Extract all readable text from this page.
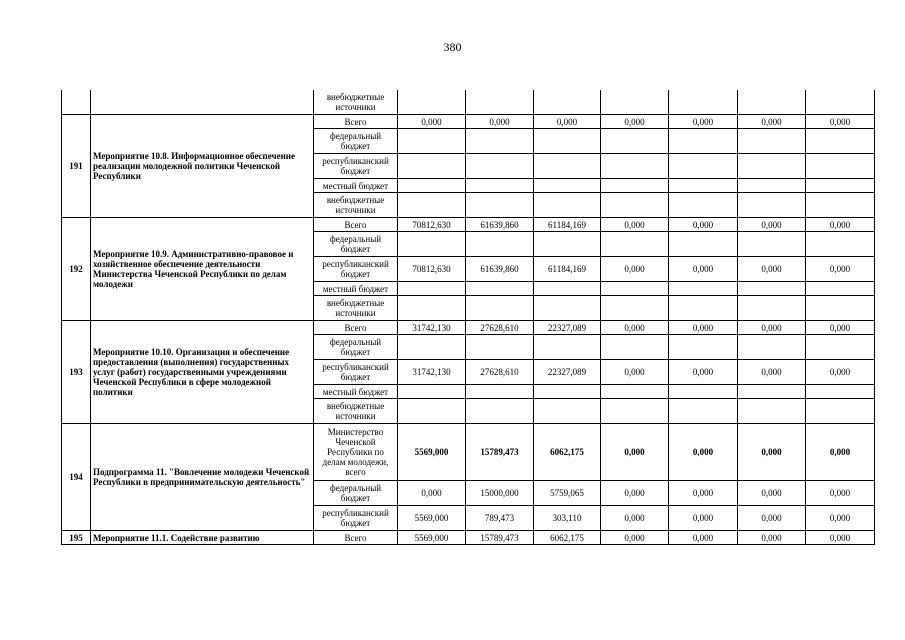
380
		внебюджетные источники							
191	Мероприятие 10.8. Информационное обеспечение реализации молодежной политики Чеченской Республики	Всего	0,000	0,000	0,000	0,000	0,000	0,000	0,000
		федеральный бюджет							
		республиканский бюджет							
		местный бюджет							
		внебюджетные источники							
192	Мероприятие 10.9. Административно-правовое и хозяйственное обеспечение деятельности Министерства Чеченской Республики по делам молодежи	Всего	70812,630	61639,860	61184,169	0,000	0,000	0,000	0,000
		федеральный бюджет							
		республиканский бюджет	70812,630	61639,860	61184,169	0,000	0,000	0,000	0,000
		местный бюджет							
		внебюджетные источники							
193	Мероприятие 10.10. Организация и обеспечение предоставления (выполнения) государственных услуг (работ) государственными учреждениями Чеченской Республики в сфере молодежной политики	Всего	31742,130	27628,610	22327,089	0,000	0,000	0,000	0,000
		федеральный бюджет							
		республиканский бюджет	31742,130	27628,610	22327,089	0,000	0,000	0,000	0,000
		местный бюджет							
		внебюджетные источники							
194	Подпрограмма 11. "Вовлечение молодежи Чеченской Республики в предпринимательскую деятельность"	Министерство Чеченской Республики по делам молодежи, всего	5569,000	15789,473	6062,175	0,000	0,000	0,000	0,000
		федеральный бюджет	0,000	15000,000	5759,065	0,000	0,000	0,000	0,000
		республиканский бюджет	5569,000	789,473	303,110	0,000	0,000	0,000	0,000
195	Мероприятие 11.1. Содействие развитию	Всего	5569,000	15789,473	6062,175	0,000	0,000	0,000	0,000
